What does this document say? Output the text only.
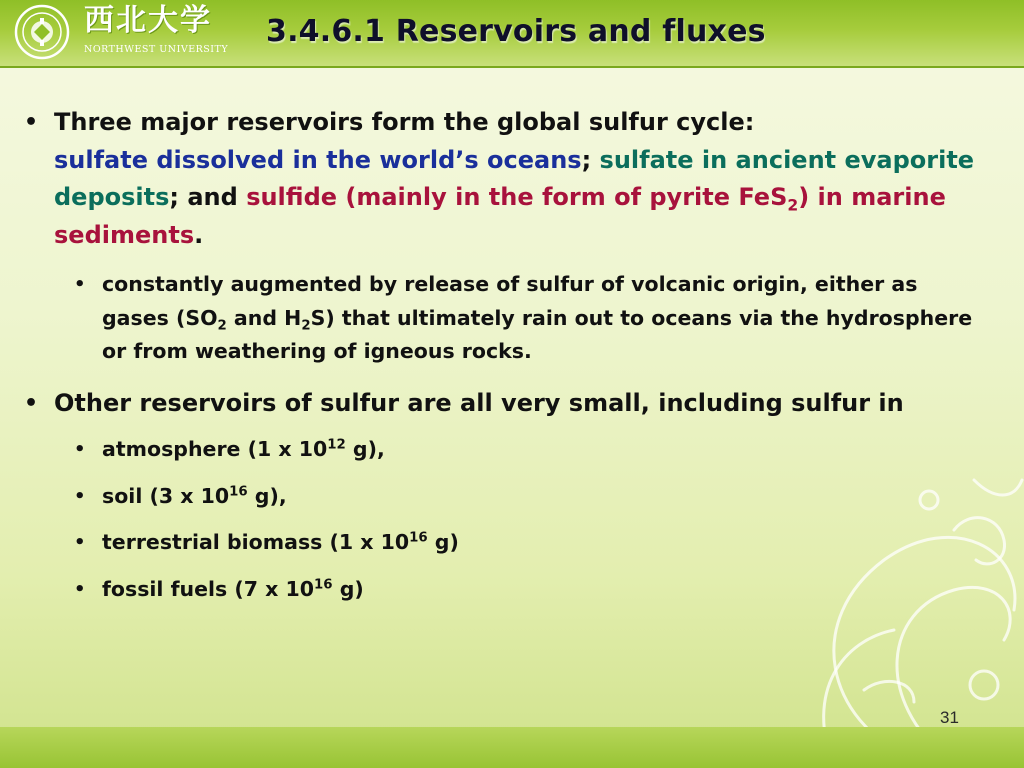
西北大学
NORTHWEST UNIVERSITY
3.4.6.1 Reservoirs and fluxes
• Three major reservoirs form the global sulfur cycle:
sulfate dissolved in the world’s oceans; sulfate in ancient evaporite deposits; and sulfide (mainly in the form of pyrite FeS$_2$) in marine sediments.
• constantly augmented by release of sulfur of volcanic origin, either as gases ($SO_2$ and $H_2S$) that ultimately rain out to oceans via the hydrosphere or from weathering of igneous rocks.
• Other reservoirs of sulfur are all very small, including sulfur in
• atmosphere (1 x $10^{12}$ g),
• soil (3 x $10^{16}$ g),
• terrestrial biomass (1 x $10^{16}$ g)
• fossil fuels (7 x $10^{16}$ g)
31
